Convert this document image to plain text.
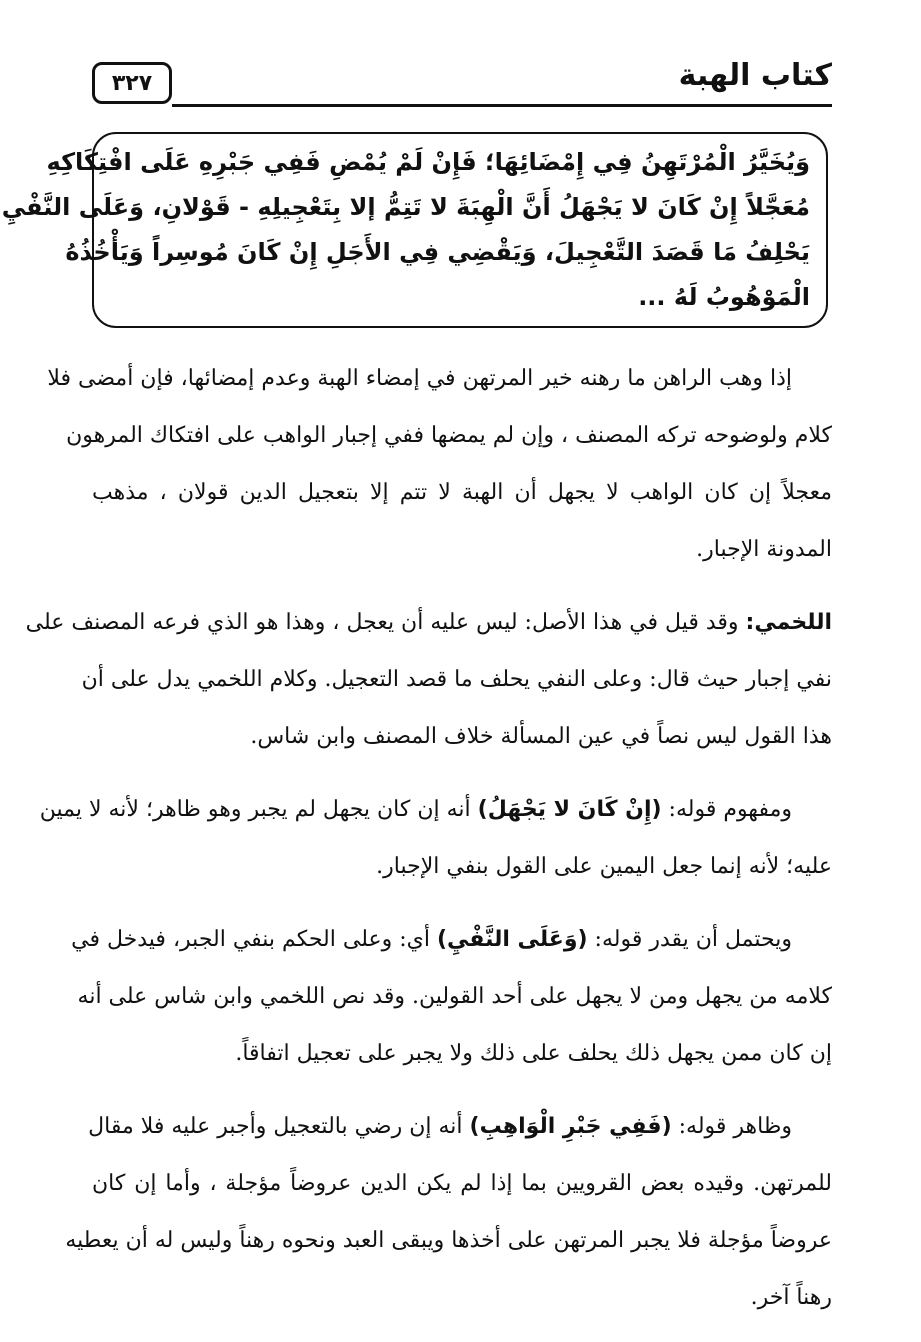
٣٢٧	كتاب الهبة
وَيُخَيَّرُ الْمُرْتَهِنُ فِي إِمْضَائِهَا؛ فَإِنْ لَمْ يُمْضِ فَفِي جَبْرِهِ عَلَى افْتِكَاكِهِ
مُعَجَّلاً إِنْ كَانَ لا يَجْهَلُ أَنَّ الْهِبَةَ لا تَتِمُّ إلا بِتَعْجِيلِهِ - قَوْلانِ، وَعَلَى النَّفْيِ
يَحْلِفُ مَا قَصَدَ التَّعْجِيلَ، وَيَقْضِي فِي الأَجَلِ إِنْ كَانَ مُوسِراً وَيَأْخُذُهُ
الْمَوْهُوبُ لَهُ ...
إذا وهب الراهن ما رهنه خير المرتهن في إمضاء الهبة وعدم إمضائها، فإن أمضى فلا
كلام ولوضوحه تركه المصنف ، وإن لم يمضها ففي إجبار الواهب على افتكاك المرهون
معجلاً إن كان الواهب لا يجهل أن الهبة لا تتم إلا بتعجيل الدين قولان ، مذهب
المدونة الإجبار.
اللخمي: وقد قيل في هذا الأصل: ليس عليه أن يعجل ، وهذا هو الذي فرعه المصنف على
نفي إجبار حيث قال: وعلى النفي يحلف ما قصد التعجيل. وكلام اللخمي يدل على أن
هذا القول ليس نصاً في عين المسألة خلاف المصنف وابن شاس.
ومفهوم قوله: (إِنْ كَانَ لا يَجْهَلُ) أنه إن كان يجهل لم يجبر وهو ظاهر؛ لأنه لا يمين
عليه؛ لأنه إنما جعل اليمين على القول بنفي الإجبار.
ويحتمل أن يقدر قوله: (وَعَلَى النَّفْيِ) أي: وعلى الحكم بنفي الجبر، فيدخل في
كلامه من يجهل ومن لا يجهل على أحد القولين. وقد نص اللخمي وابن شاس على أنه
إن كان ممن يجهل ذلك يحلف على ذلك ولا يجبر على تعجيل اتفاقاً.
وظاهر قوله: (فَفِي جَبْرِ الْوَاهِبِ) أنه إن رضي بالتعجيل وأجبر عليه فلا مقال
للمرتهن. وقيده بعض القرويين بما إذا لم يكن الدين عروضاً مؤجلة ، وأما إن كان
عروضاً مؤجلة فلا يجبر المرتهن على أخذها ويبقى العبد ونحوه رهناً وليس له أن يعطيه
رهناً آخر.
